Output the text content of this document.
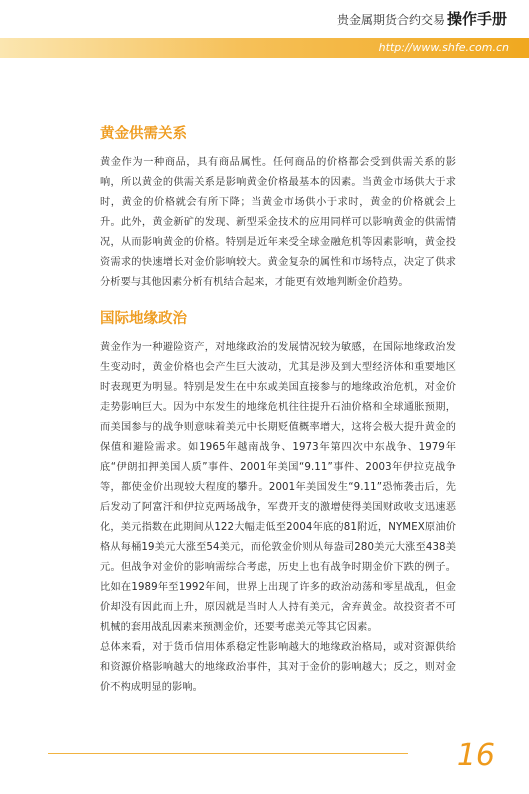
贵金属期货合约交易 操作手册
http://www.shfe.com.cn
黄金供需关系

黄金作为一种商品，具有商品属性。任何商品的价格都会受到供需关系的影响，所以黄金的供需关系是影响黄金价格最基本的因素。当黄金市场供大于求时，黄金的价格就会有所下降；当黄金市场供小于求时，黄金的价格就会上升。此外，黄金新矿的发现、新型采金技术的应用同样可以影响黄金的供需情况，从而影响黄金的价格。特别是近年来受全球金融危机等因素影响，黄金投资需求的快速增长对金价影响较大。黄金复杂的属性和市场特点，决定了供求分析要与其他因素分析有机结合起来，才能更有效地判断金价趋势。

国际地缘政治

黄金作为一种避险资产，对地缘政治的发展情况较为敏感，在国际地缘政治发生变动时，黄金价格也会产生巨大波动，尤其是涉及到大型经济体和重要地区时表现更为明显。特别是发生在中东或美国直接参与的地缘政治危机，对金价走势影响巨大。因为中东发生的地缘危机往往提升石油价格和全球通胀预期，而美国参与的战争则意味着美元中长期贬值概率增大，这将会极大提升黄金的保值和避险需求。如1965年越南战争、1973年第四次中东战争、1979年底“伊朗扣押美国人质”事件、2001年美国“9.11”事件、2003年伊拉克战争等，都使金价出现较大程度的攀升。2001年美国发生“9.11”恐怖袭击后，先后发动了阿富汗和伊拉克两场战争，军费开支的激增使得美国财政收支迅速恶化，美元指数在此期间从122大幅走低至2004年底的81附近，NYMEX原油价格从每桶19美元大涨至54美元，而伦敦金价则从每盎司280美元大涨至438美元。但战争对金价的影响需综合考虑，历史上也有战争时期金价下跌的例子。比如在1989年至1992年间，世界上出现了许多的政治动荡和零星战乱，但金价却没有因此而上升，原因就是当时人人持有美元，舍弃黄金。故投资者不可机械的套用战乱因素来预测金价，还要考虑美元等其它因素。

总体来看，对于货币信用体系稳定性影响越大的地缘政治格局，或对资源供给和资源价格影响越大的地缘政治事件，其对于金价的影响越大；反之，则对金价不构成明显的影响。

16
